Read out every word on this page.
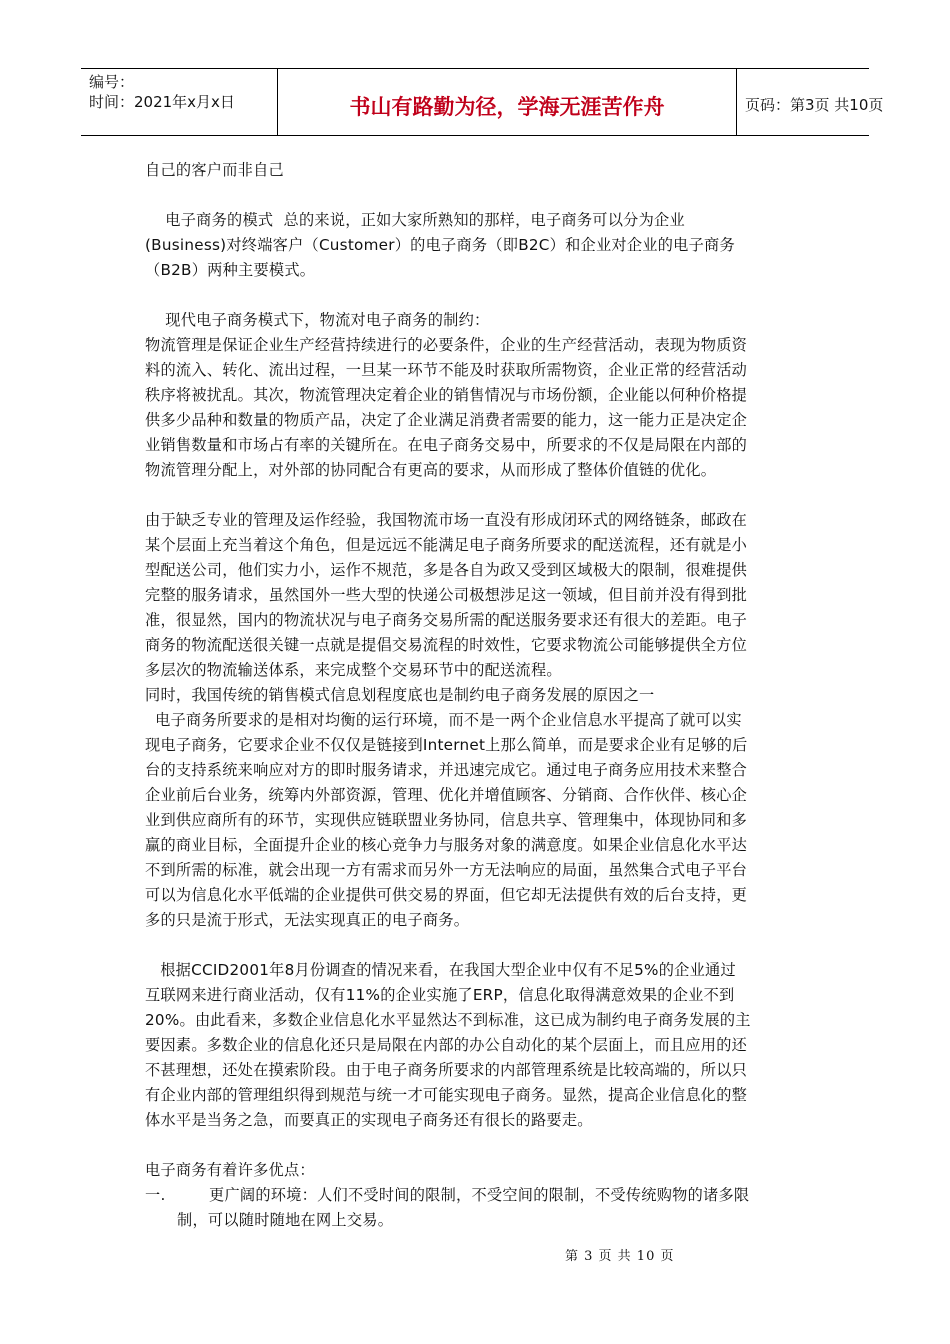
编号：
时间：2021年x月x日	书山有路勤为径，学海无涯苦作舟	页码：第3页 共10页
自己的客户而非自己
电子商务的模式  总的来说，正如大家所熟知的那样，电子商务可以分为企业
(Business)对终端客户（Customer）的电子商务（即B2C）和企业对企业的电子商务
（B2B）两种主要模式。
现代电子商务模式下，物流对电子商务的制约：
物流管理是保证企业生产经营持续进行的必要条件，企业的生产经营活动，表现为物质资
料的流入、转化、流出过程，一旦某一环节不能及时获取所需物资，企业正常的经营活动
秩序将被扰乱。其次，物流管理决定着企业的销售情况与市场份额，企业能以何种价格提
供多少品种和数量的物质产品，决定了企业满足消费者需要的能力，这一能力正是决定企
业销售数量和市场占有率的关键所在。在电子商务交易中，所要求的不仅是局限在内部的
物流管理分配上，对外部的协同配合有更高的要求，从而形成了整体价值链的优化。
由于缺乏专业的管理及运作经验，我国物流市场一直没有形成闭环式的网络链条，邮政在
某个层面上充当着这个角色，但是远远不能满足电子商务所要求的配送流程，还有就是小
型配送公司，他们实力小，运作不规范，多是各自为政又受到区域极大的限制，很难提供
完整的服务请求，虽然国外一些大型的快递公司极想涉足这一领域，但目前并没有得到批
准，很显然，国内的物流状况与电子商务交易所需的配送服务要求还有很大的差距。电子
商务的物流配送很关键一点就是提倡交易流程的时效性，它要求物流公司能够提供全方位
多层次的物流输送体系，来完成整个交易环节中的配送流程。
同时，我国传统的销售模式信息划程度底也是制约电子商务发展的原因之一
电子商务所要求的是相对均衡的运行环境，而不是一两个企业信息水平提高了就可以实
现电子商务，它要求企业不仅仅是链接到Internet上那么简单，而是要求企业有足够的后
台的支持系统来响应对方的即时服务请求，并迅速完成它。通过电子商务应用技术来整合
企业前后台业务，统筹内外部资源，管理、优化并增值顾客、分销商、合作伙伴、核心企
业到供应商所有的环节，实现供应链联盟业务协同，信息共享、管理集中，体现协同和多
赢的商业目标，全面提升企业的核心竞争力与服务对象的满意度。如果企业信息化水平达
不到所需的标准，就会出现一方有需求而另外一方无法响应的局面，虽然集合式电子平台
可以为信息化水平低端的企业提供可供交易的界面，但它却无法提供有效的后台支持，更
多的只是流于形式，无法实现真正的电子商务。
根据CCID2001年8月份调查的情况来看，在我国大型企业中仅有不足5%的企业通过
互联网来进行商业活动，仅有11%的企业实施了ERP，信息化取得满意效果的企业不到
20%。由此看来，多数企业信息化水平显然达不到标准，这已成为制约电子商务发展的主
要因素。多数企业的信息化还只是局限在内部的办公自动化的某个层面上，而且应用的还
不甚理想，还处在摸索阶段。由于电子商务所要求的内部管理系统是比较高端的，所以只
有企业内部的管理组织得到规范与统一才可能实现电子商务。显然，提高企业信息化的整
体水平是当务之急，而要真正的实现电子商务还有很长的路要走。
电子商务有着许多优点：
一.	更广阔的环境：人们不受时间的限制，不受空间的限制，不受传统购物的诸多限
制，可以随时随地在网上交易。
第 3 页 共 10 页
